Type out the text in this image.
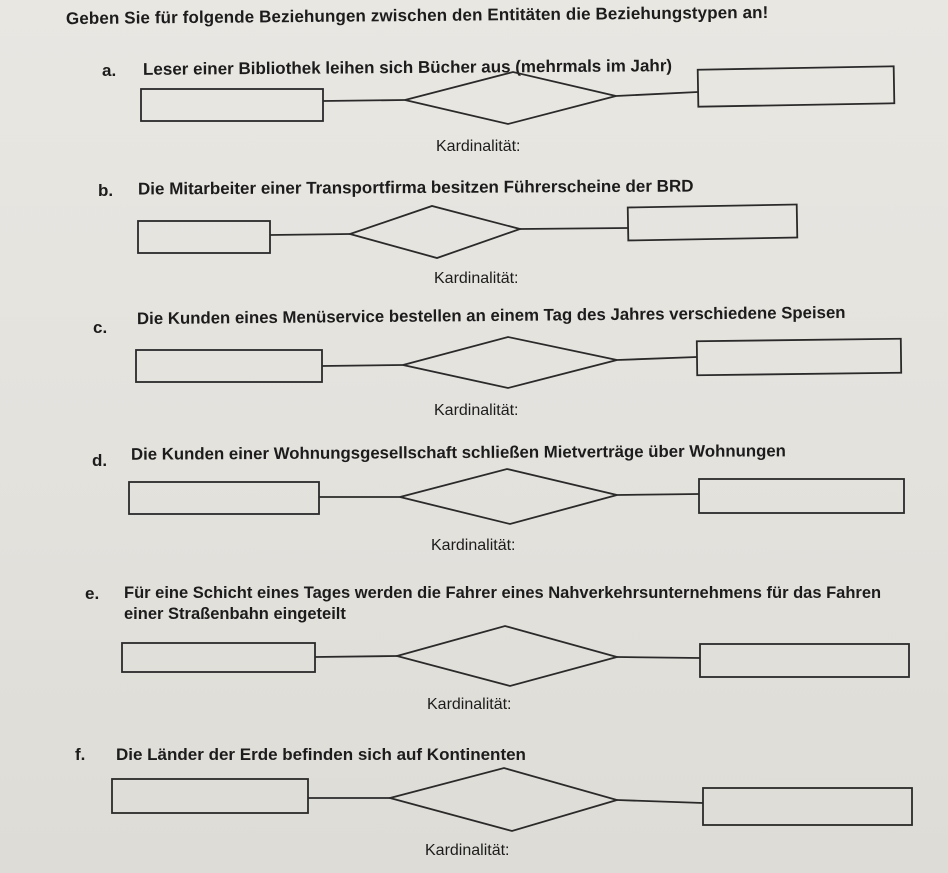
Geben Sie für folgende Beziehungen zwischen den Entitäten die Beziehungstypen an!
a. Leser einer Bibliothek leihen sich Bücher aus (mehrmals im Jahr)
Kardinalität:
b. Die Mitarbeiter einer Transportfirma besitzen Führerscheine der BRD
Kardinalität:
c. Die Kunden eines Menüservice bestellen an einem Tag des Jahres verschiedene Speisen
Kardinalität:
d. Die Kunden einer Wohnungsgesellschaft schließen Mietverträge über Wohnungen
Kardinalität:
e. Für eine Schicht eines Tages werden die Fahrer eines Nahverkehrsunternehmens für das Fahren einer Straßenbahn eingeteilt
Kardinalität:
f. Die Länder der Erde befinden sich auf Kontinenten
Kardinalität:
